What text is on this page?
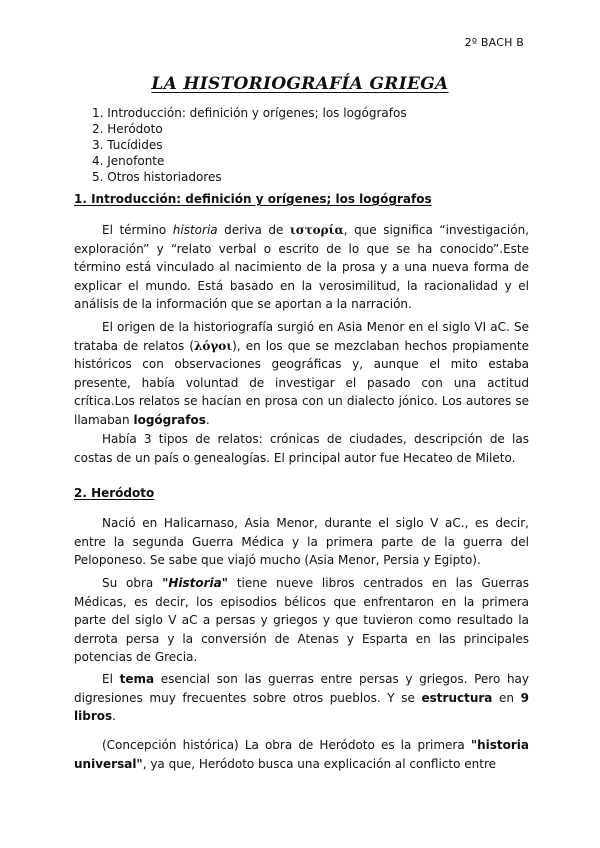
2º BACH B
LA HISTORIOGRAFÍA GRIEGA
1. Introducción: definición y orígenes; los logógrafos
2. Heródoto
3. Tucídides
4. Jenofonte
5. Otros historiadores
1. Introducción: definición y orígenes; los logógrafos

El término historia deriva de ιστορία, que significa “investigación, exploración” y “relato verbal o escrito de lo que se ha conocido”.Este término está vinculado al nacimiento de la prosa y a una nueva forma de explicar el mundo. Está basado en la verosimilitud, la racionalidad y el análisis de la información que se aportan a la narración.

El origen de la historiografía surgió en Asia Menor en el siglo VI aC. Se trataba de relatos (λόγοι), en los que se mezclaban hechos propiamente históricos con observaciones geográficas y, aunque el mito estaba presente, había voluntad de investigar el pasado con una actitud crítica.Los relatos se hacían en prosa con un dialecto jónico. Los autores se llamaban logógrafos.

Había 3 tipos de relatos: crónicas de ciudades, descripción de las costas de un país o genealogías. El principal autor fue Hecateo de Mileto.

2. Heródoto

Nació en Halicarnaso, Asia Menor, durante el siglo V aC., es decir, entre la segunda Guerra Médica y la primera parte de la guerra del Peloponeso. Se sabe que viajó mucho (Asia Menor, Persia y Egipto).

Su obra "Historia" tiene nueve libros centrados en las Guerras Médicas, es decir, los episodios bélicos que enfrentaron en la primera parte del siglo V aC a persas y griegos y que tuvieron como resultado la derrota persa y la conversión de Atenas y Esparta en las principales potencias de Grecia.

El tema esencial son las guerras entre persas y griegos. Pero hay digresiones muy frecuentes sobre otros pueblos. Y se estructura en 9 libros.

(Concepción histórica) La obra de Heródoto es la primera "historia universal", ya que, Heródoto busca una explicación al conflicto entre
